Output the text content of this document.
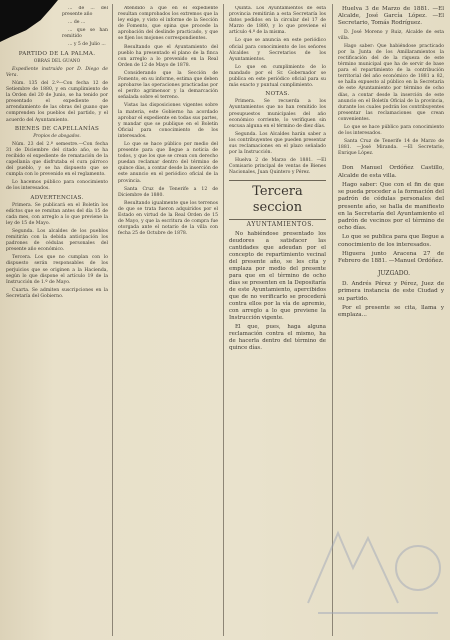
... de ... del presente año

... de ...

... que se han remitido

... y 5 de Julio ...

PARTIDO DE LA PALMA.

OBRAS DEL GUANO

Expediente instruido por D. Diego de Vera.

Núm. 135 del 2.º—Con fecha 12 de Setiembre de 1880, y en cumplimiento de la Orden del 20 de Junio, se ha tenido por presentado el expediente de arrendamiento de las obras del guano que comprenden los pueblos del partido, y el acuerdo del Ayuntamiento.

BIENES DE CAPELLANÍAS

Propios de abogados.

Núm. 23 del 2.º semestre.—Con fecha 31 de Diciembre del citado año, se ha recibido el expediente de rematación de la capellanía que disfrutaba el cura párroco del pueblo, y se ha dispuesto que se cumpla con lo prevenido en el reglamento.

Lo hacemos público para conocimiento de los interesados.

ADVERTENCIAS.

Primera. Se publicará en el Boletín los edictos que se remitan antes del día 15 de cada mes, con arreglo a lo que previene la ley de 15 de Mayo.

Segunda. Los alcaldes de los pueblos remitirán con la debida anticipación los padrones de cédulas personales del presente año económico.

Tercera. Los que no cumplan con lo dispuesto serán responsables de los perjuicios que se originen a la Hacienda, según lo que dispone el artículo 19 de la Instrucción de 1.º de Mayo.

Cuarta. Se admiten suscripciones en la Secretaría del Gobierno.

Atendido a que en el expediente resultan comprobados los extremos que la ley exige, y visto el informe de la Sección de Fomento, que opina que procede la aprobación del deslinde practicado, y que se fijen los mojones correspondientes.

Resultando que el Ayuntamiento del pueblo ha presentado el plano de la finca con arreglo a lo prevenido en la Real Orden de 12 de Mayo de 1878.

Considerando que la Sección de Fomento, en su informe, estima que deben aprobarse las operaciones practicadas por el perito agrimensor y la demarcación señalada sobre el terreno.

Vistas las disposiciones vigentes sobre la materia, este Gobierno ha acordado aprobar el expediente en todas sus partes, y mandar que se publique en el Boletín Oficial para conocimiento de los interesados.

Lo que se hace público por medio del presente para que llegue a noticia de todos, y que los que se crean con derecho puedan reclamar dentro del término de quince días, a contar desde la inserción de este anuncio en el periódico oficial de la provincia.

Santa Cruz de Tenerife a 12 de Diciembre de 1880.

Resultando igualmente que los terrenos de que se trata fueron adquiridos por el Estado en virtud de la Real Orden de 15 de Mayo, y que la escritura de compra fue otorgada ante el notario de la villa con fecha 25 de Octubre de 1878.

Quinta. Los Ayuntamientos de esta provincia remitirán a esta Secretaría los datos pedidos en la circular del 17 de Marzo de 1880, y lo que previene el artículo 4.º de la misma.

Lo que se anuncia en este periódico oficial para conocimiento de los señores Alcaldes y Secretarios de los Ayuntamientos.

Lo que en cumplimiento de lo mandado por el Sr. Gobernador se publica en este periódico oficial para su más exacto y puntual cumplimiento.

NOTAS.

Primera. Se recuerda a los Ayuntamientos que no han remitido los presupuestos municipales del año económico corriente, lo verifiquen sin excusa alguna en el término de diez días.

Segunda. Los Alcaldes harán saber a los contribuyentes que pueden presentar sus reclamaciones en el plazo señalado por la Instrucción.

Huelva 2 de Marzo de 1881. —El Comisario principal de ventas de Bienes Nacionales, Juan Quintero y Pérez.

Tercera seccion

AYUNTAMIENTOS.

No habiéndose presentado los deudores a satisfacer las cantidades que adeudan por el concepto de repartimiento vecinal del presente año, se les cita y emplaza por medio del presente para que en el término de ocho días se presenten en la Depositaría de este Ayuntamiento, apercibidos que de no verificarlo se procederá contra ellos por la vía de apremio, con arreglo a lo que previene la Instrucción vigente.

El que, pues, haga alguna reclamación contra el mismo, ha de hacerla dentro del término de quince días.

Huelva 3 de Marzo de 1881. —El Alcalde, José García López. —El Secretario, Tomás Rodríguez.

D. José Moreno y Ruiz, Alcalde de esta villa.

Hago saber: Que habiéndose practicado por la Junta de los Amillaramientos la rectificación del de la riqueza de este término municipal que ha de servir de base para el repartimiento de la contribución territorial del año económico de 1881 a 82, se halla expuesto al público en la Secretaría de este Ayuntamiento por término de ocho días, a contar desde la inserción de este anuncio en el Boletín Oficial de la provincia, durante los cuales podrán los contribuyentes presentar las reclamaciones que crean convenientes.

Lo que se hace público para conocimiento de los interesados.

Santa Cruz de Tenerife 14 de Marzo de 1881. —José Miranda. —El Secretario, Enrique López.

Don Manuel Ordóñez Castillo, Alcalde de esta villa.

Hago saber: Que con el fin de que se pueda proceder a la formación del padrón de cédulas personales del presente año, se halla de manifiesto en la Secretaría del Ayuntamiento el padrón de vecinos por el término de ocho días.

Lo que se publica para que llegue a conocimiento de los interesados.

Higuera junto Aracena 27 de Febrero de 1881. —Manuel Ordóñez.

JUZGADO.

D. Andrés Pérez y Pérez, Juez de primera instancia de este Ciudad y su partido.

Por el presente se cita, llama y emplaza...
